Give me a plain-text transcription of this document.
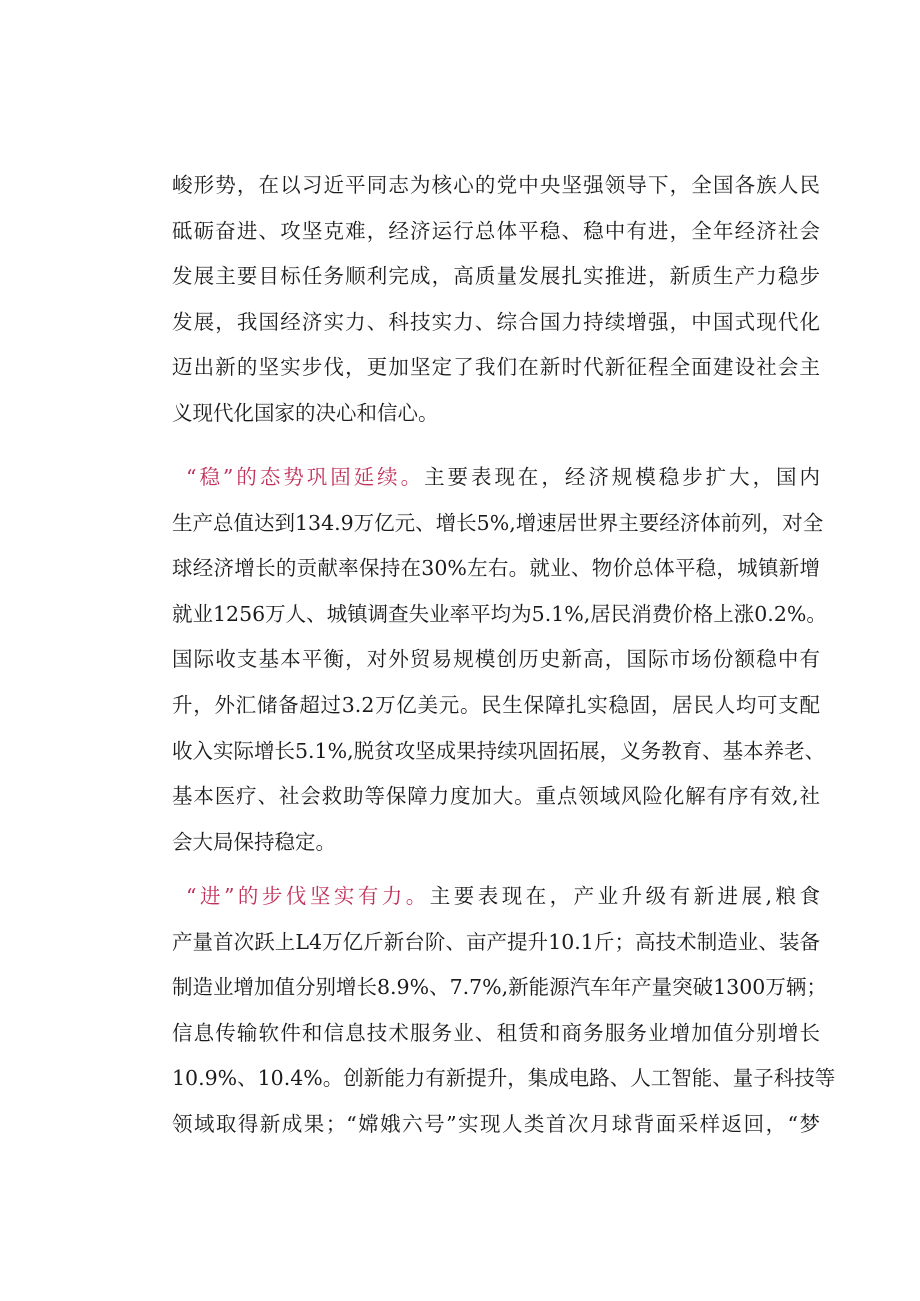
峻形势，在以习近平同志为核心的党中央坚强领导下，全国各族人民
砥砺奋进、攻坚克难，经济运行总体平稳、稳中有进，全年经济社会
发展主要目标任务顺利完成，高质量发展扎实推进，新质生产力稳步
发展，我国经济实力、科技实力、综合国力持续增强，中国式现代化
迈出新的坚实步伐，更加坚定了我们在新时代新征程全面建设社会主
义现代化国家的决心和信心。
“稳”的态势巩固延续。主要表现在，经济规模稳步扩大，国内
生产总值达到134.9万亿元、增长5%,增速居世界主要经济体前列，对全
球经济增长的贡献率保持在30%左右。就业、物价总体平稳，城镇新增
就业1256万人、城镇调查失业率平均为5.1%,居民消费价格上涨0.2%。
国际收支基本平衡，对外贸易规模创历史新高，国际市场份额稳中有
升，外汇储备超过3.2万亿美元。民生保障扎实稳固，居民人均可支配
收入实际增长5.1%,脱贫攻坚成果持续巩固拓展，义务教育、基本养老、
基本医疗、社会救助等保障力度加大。重点领域风险化解有序有效,社
会大局保持稳定。
“进”的步伐坚实有力。主要表现在，产业升级有新进展,粮食
产量首次跃上L4万亿斤新台阶、亩产提升10.1斤；高技术制造业、装备
制造业增加值分别增长8.9%、7.7%,新能源汽车年产量突破1300万辆；
信息传输软件和信息技术服务业、租赁和商务服务业增加值分别增长
10.9%、10.4%。创新能力有新提升，集成电路、人工智能、量子科技等
领域取得新成果；“嫦娥六号”实现人类首次月球背面采样返回，“梦
